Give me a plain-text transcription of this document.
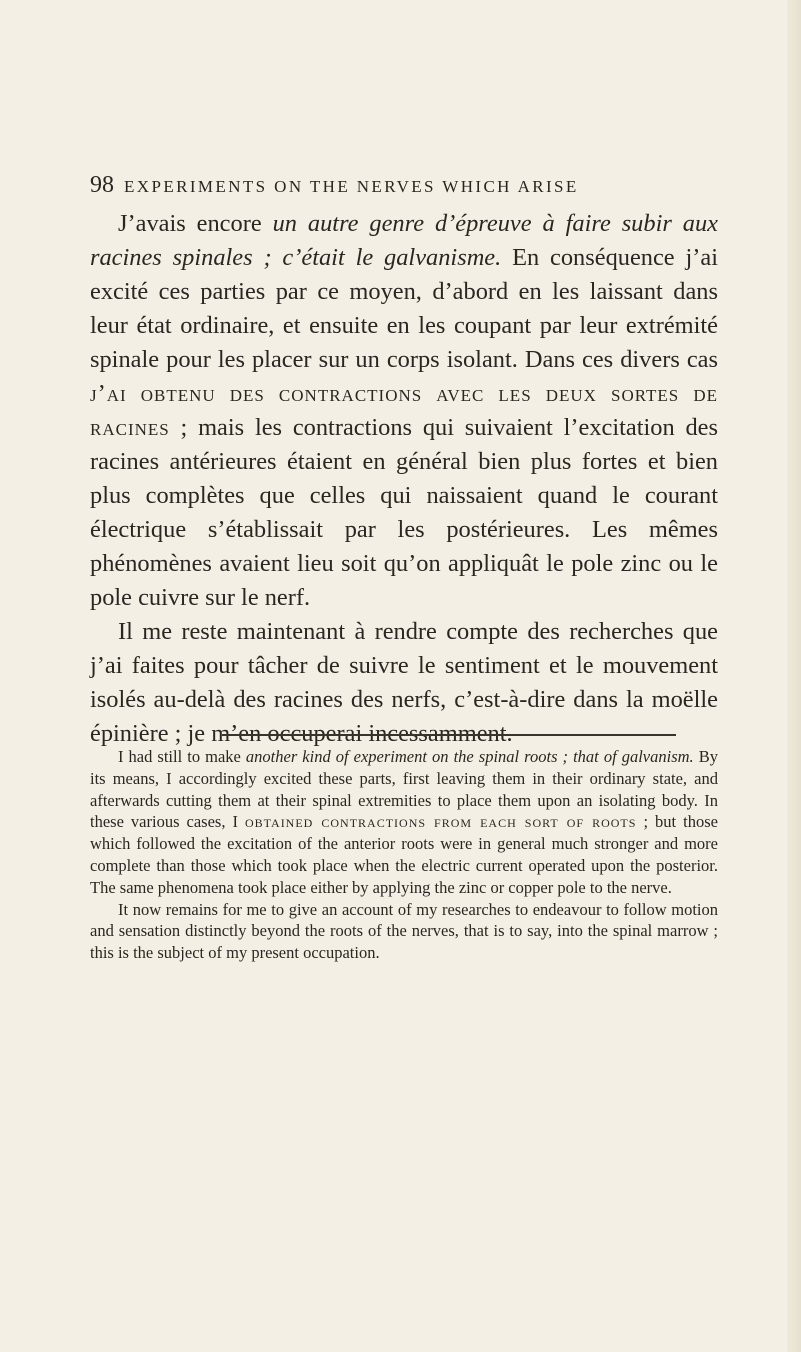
98 EXPERIMENTS ON THE NERVES WHICH ARISE

J’avais encore un autre genre d’épreuve à faire subir aux racines spinales ; c’était le galvanisme. En conséquence j’ai excité ces parties par ce moyen, d’abord en les laissant dans leur état ordinaire, et ensuite en les coupant par leur extrémité spinale pour les placer sur un corps isolant. Dans ces divers cas j’ai obtenu des contractions avec les deux sortes de racines ; mais les contractions qui suivaient l’excitation des racines antérieures étaient en général bien plus fortes et bien plus complètes que celles qui naissaient quand le courant électrique s’établissait par les postérieures. Les mêmes phénomènes avaient lieu soit qu’on appliquât le pole zinc ou le pole cuivre sur le nerf.

Il me reste maintenant à rendre compte des recherches que j’ai faites pour tâcher de suivre le sentiment et le mouvement isolés au-delà des racines des nerfs, c’est-à-dire dans la moëlle épinière ; je m’en occuperai incessamment.

I had still to make another kind of experiment on the spinal roots ; that of galvanism. By its means, I accordingly excited these parts, first leaving them in their ordinary state, and afterwards cutting them at their spinal extremities to place them upon an isolating body. In these various cases, I obtained contractions from each sort of roots ; but those which followed the excitation of the anterior roots were in general much stronger and more complete than those which took place when the electric current operated upon the posterior. The same phenomena took place either by applying the zinc or copper pole to the nerve.

It now remains for me to give an account of my researches to endeavour to follow motion and sensation distinctly beyond the roots of the nerves, that is to say, into the spinal marrow ; this is the subject of my present occupation.
